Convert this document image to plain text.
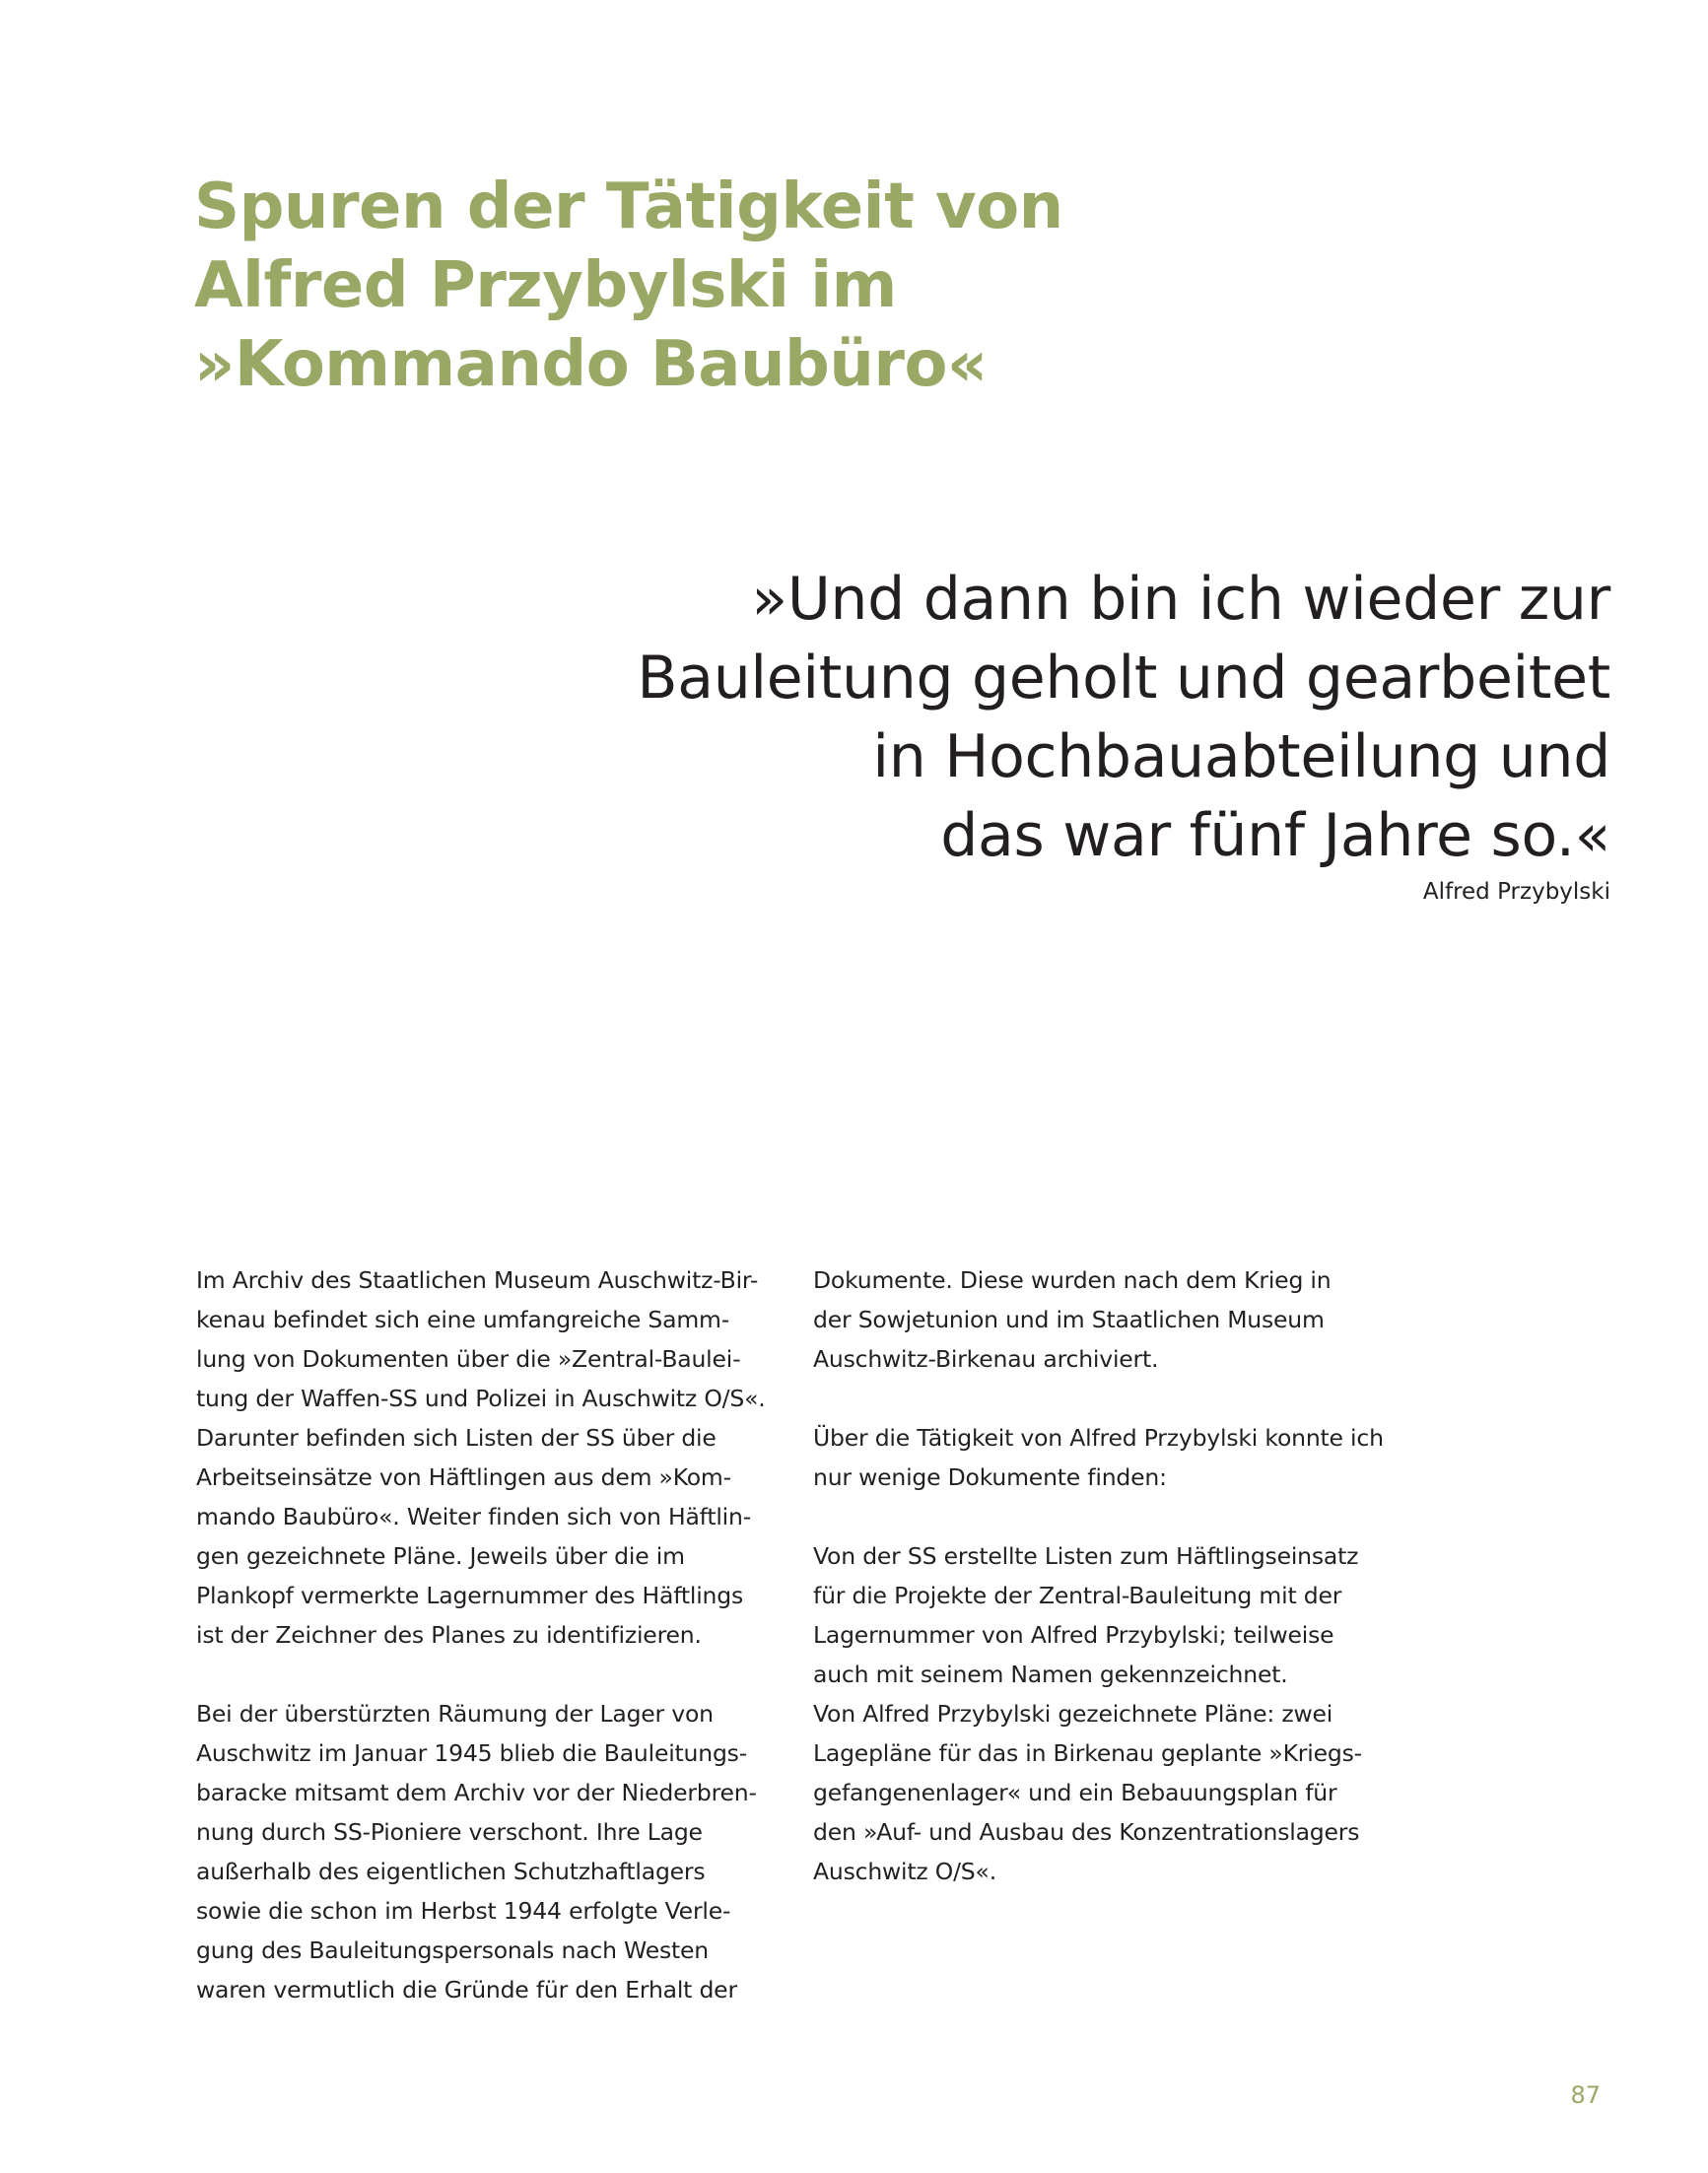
Spuren der Tätigkeit von
Alfred Przybylski im
»Kommando Baubüro«
»Und dann bin ich wieder zur
Bauleitung geholt und gearbeitet
in Hochbauabteilung und
das war fünf Jahre so.«
Alfred Przybylski
Im Archiv des Staatlichen Museum Auschwitz-Bir-
kenau befindet sich eine umfangreiche Samm-
lung von Dokumenten über die »Zentral-Baulei-
tung der Waffen-SS und Polizei in Auschwitz O/S«.
Darunter befinden sich Listen der SS über die
Arbeitseinsätze von Häftlingen aus dem »Kom-
mando Baubüro«. Weiter finden sich von Häftlin-
gen gezeichnete Pläne. Jeweils über die im
Plankopf vermerkte Lagernummer des Häftlings
ist der Zeichner des Planes zu identifizieren.
Bei der überstürzten Räumung der Lager von
Auschwitz im Januar 1945 blieb die Bauleitungs-
baracke mitsamt dem Archiv vor der Niederbren-
nung durch SS-Pioniere verschont. Ihre Lage
außerhalb des eigentlichen Schutzhaftlagers
sowie die schon im Herbst 1944 erfolgte Verle-
gung des Bauleitungspersonals nach Westen
waren vermutlich die Gründe für den Erhalt der
Dokumente. Diese wurden nach dem Krieg in
der Sowjetunion und im Staatlichen Museum
Auschwitz-Birkenau archiviert.
Über die Tätigkeit von Alfred Przybylski konnte ich
nur wenige Dokumente finden:
Von der SS erstellte Listen zum Häftlingseinsatz
für die Projekte der Zentral-Bauleitung mit der
Lagernummer von Alfred Przybylski; teilweise
auch mit seinem Namen gekennzeichnet.
Von Alfred Przybylski gezeichnete Pläne: zwei
Lagepläne für das in Birkenau geplante »Kriegs-
gefangenenlager« und ein Bebauungsplan für
den »Auf- und Ausbau des Konzentrationslagers
Auschwitz O/S«.
87
